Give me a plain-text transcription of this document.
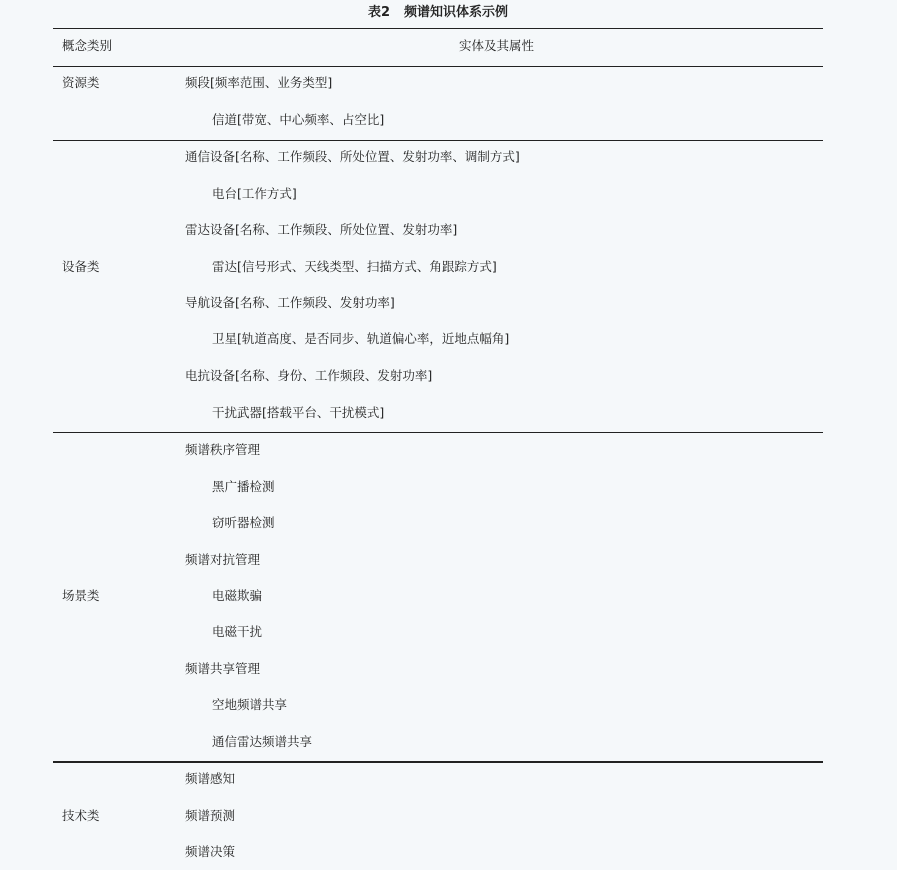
表2 频谱知识体系示例
概念类别	实体及其属性
资源类	频段[频率范围、业务类型]
信道[带宽、中心频率、占空比]
设备类
通信设备[名称、工作频段、所处位置、发射功率、调制方式]
电台[工作方式]
雷达设备[名称、工作频段、所处位置、发射功率]
雷达[信号形式、天线类型、扫描方式、角跟踪方式]
导航设备[名称、工作频段、发射功率]
卫星[轨道高度、是否同步、轨道偏心率，近地点幅角]
电抗设备[名称、身份、工作频段、发射功率]
干扰武器[搭载平台、干扰模式]
场景类
频谱秩序管理
黑广播检测
窃听器检测
频谱对抗管理
电磁欺骗
电磁干扰
频谱共享管理
空地频谱共享
通信雷达频谱共享
技术类
频谱感知
频谱预测
频谱决策
